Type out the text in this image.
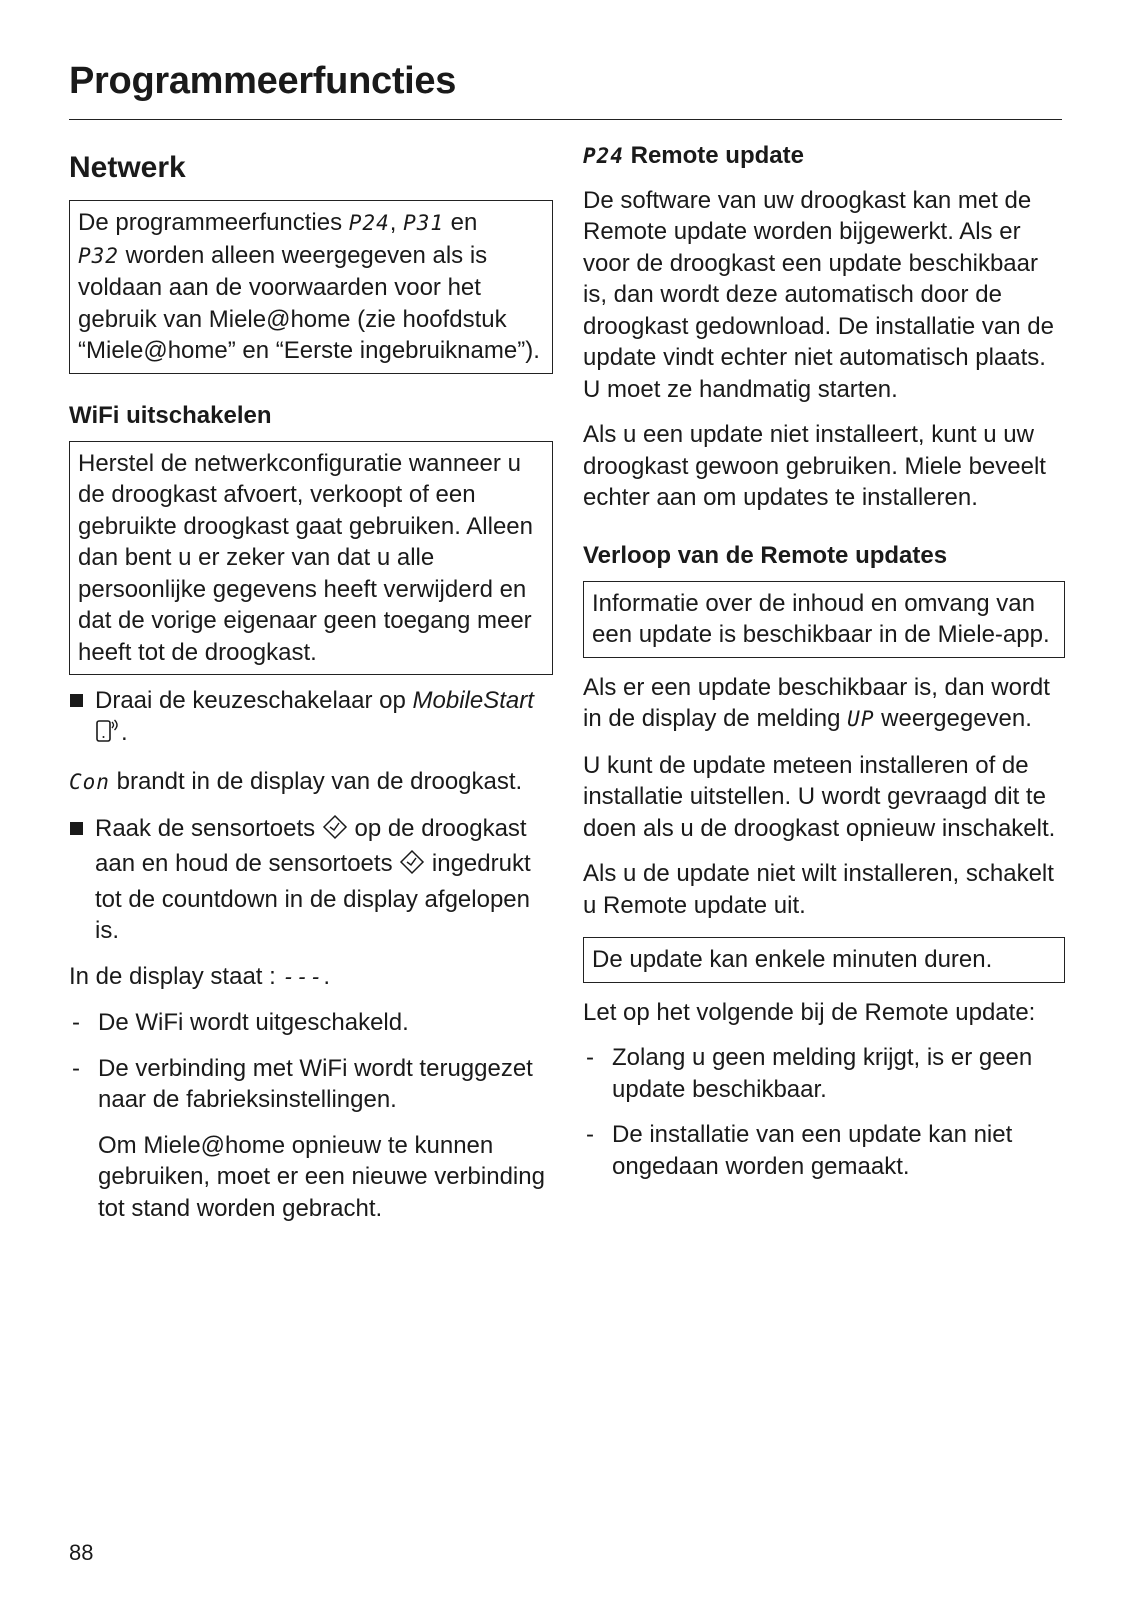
Programmeerfuncties
Netwerk

De programmeerfuncties P24, P31 en
P32 worden alleen weergegeven als is voldaan aan de voorwaarden voor het gebruik van Miele@home (zie hoofdstuk “Miele@home” en “Eerste ingebruikname”).

WiFi uitschakelen

Herstel de netwerkconfiguratie wanneer u de droogkast afvoert, verkoopt of een gebruikte droogkast gaat gebruiken. Alleen dan bent u er zeker van dat u alle persoonlijke gegevens heeft verwijderd en dat de vorige eigenaar geen toegang meer heeft tot de droogkast.

Draai de keuzeschakelaar op MobileStart .

Con brandt in de display van de droogkast.

Raak de sensortoets  op de droogkast aan en houd de sensortoets  ingedrukt tot de countdown in de display afgelopen is.

In de display staat : ---.

- De WiFi wordt uitgeschakeld.

- De verbinding met WiFi wordt teruggezet naar de fabrieksinstellingen.

Om Miele@home opnieuw te kunnen gebruiken, moet er een nieuwe verbinding tot stand worden gebracht.

P24 Remote update

De software van uw droogkast kan met de Remote update worden bijgewerkt. Als er voor de droogkast een update beschikbaar is, dan wordt deze automatisch door de droogkast gedownload. De installatie van de update vindt echter niet automatisch plaats. U moet ze handmatig starten.

Als u een update niet installeert, kunt u uw droogkast gewoon gebruiken. Miele beveelt echter aan om updates te installeren.

Verloop van de Remote updates

Informatie over de inhoud en omvang van een update is beschikbaar in de Miele-app.

Als er een update beschikbaar is, dan wordt in de display de melding UP weergegeven.

U kunt de update meteen installeren of de installatie uitstellen. U wordt gevraagd dit te doen als u de droogkast opnieuw inschakelt.

Als u de update niet wilt installeren, schakelt u Remote update uit.

De update kan enkele minuten duren.

Let op het volgende bij de Remote update:

- Zolang u geen melding krijgt, is er geen update beschikbaar.

- De installatie van een update kan niet ongedaan worden gemaakt.

88
